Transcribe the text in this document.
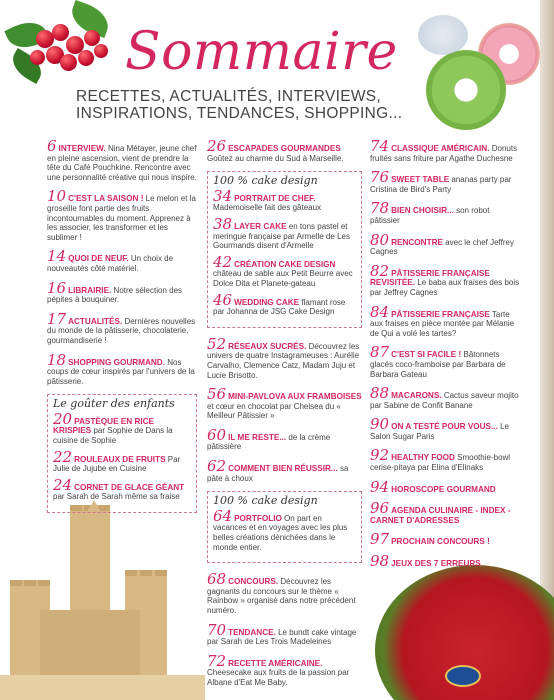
Sommaire
RECETTES, ACTUALITÉS, INTERVIEWS, INSPIRATIONS, TENDANCES, SHOPPING...
6 INTERVIEW. Nina Métayer, jeune chef en pleine ascension, vient de prendre la tête du Café Pouchkine. Rencontre avec une personnalité créative qui nous inspire.
10 C'EST LA SAISON ! Le melon et la groseille font partie des fruits incontournables du moment. Apprenez à les associer, les transformer et les sublimer !
14 QUOI DE NEUF. Un choix de nouveautés côté matériel.
16 LIBRAIRIE. Notre sélection des pépites à bouquiner.
17 ACTUALITÉS. Dernières nouvelles du monde de la pâtisserie, chocolaterie, gourmandiserie !
18 SHOPPING GOURMAND. Nos coups de cœur inspirés par l'univers de la pâtisserie.
Le goûter des enfants
20 PASTÈQUE EN RICE KRISPIES par Sophie de Dans la cuisine de Sophie
22 ROULEAUX DE FRUITS Par Julie de Jujube en Cuisine
24 CORNET DE GLACE GÉANT par Sarah de Sarah même sa fraise
26 ESCAPADES GOURMANDES Goûtez au charme du Sud à Marseille.
100 % cake design
34 PORTRAIT DE CHEF. Mademoiselle fait des gâteaux
38 LAYER CAKE en tons pastel et meringue française par Armelle de Les Gourmands disent d'Armelle
42 CRÉATION CAKE DESIGN château de sable aux Petit Beurre avec Dolce Dita et Planete-gateau
46 WEDDING CAKE flamant rose par Johanna de JSG Cake Design
52 RÉSEAUX SUCRÉS. Découvrez les univers de quatre Instagrameuses : Aurélie Carvalho, Clemence Catz, Madam Juju et Lucie Brisotto.
56 MINI-PAVLOVA AUX FRAMBOISES et cœur en chocolat par Chelsea du « Meilleur Pâtissier »
60 IL ME RESTE... de la crème pâtissière
62 COMMENT BIEN RÉUSSIR... sa pâte à choux
100 % cake design
64 PORTFOLIO On part en vacances et en voyages avec les plus belles créations dénichées dans le monde entier.
68 CONCOURS. Découvrez les gagnants du concours sur le thème « Rainbow » organisé dans notre précédent numéro.
70 TENDANCE. Le bundt cake vintage par Sarah de Les Trois Madeleines
72 RECETTE AMÉRICAINE. Cheesecake aux fruits de la passion par Albane d'Eat Me Baby.
74 CLASSIQUE AMÉRICAIN. Donuts fruités sans friture par Agathe Duchesne
76 SWEET TABLE ananas party par Cristina de Bird's Party
78 BIEN CHOISIR... son robot pâtissier
80 RENCONTRE avec le chef Jeffrey Cagnes
82 PÂTISSERIE FRANÇAISE REVISITÉE. Le baba aux fraises des bois par Jeffrey Cagnes
84 PÂTISSERIE FRANÇAISE Tarte aux fraises en pièce montée par Mélanie de Qui a volé les tartes?
87 C'EST SI FACILE ! Bâtonnets glacés coco-framboise par Barbara de Barbara Gateau
88 MACARONS. Cactus saveur mojito par Sabine de Confit Banane
90 ON A TESTÉ POUR VOUS... Le Salon Sugar Paris
92 HEALTHY FOOD Smoothie-bowl cerise-pitaya par Elina d'Elinaks
94 HOROSCOPE GOURMAND
96 AGENDA CULINAIRE - INDEX - CARNET D'ADRESSES
97 PROCHAIN CONCOURS !
98 JEUX DES 7 ERREURS
